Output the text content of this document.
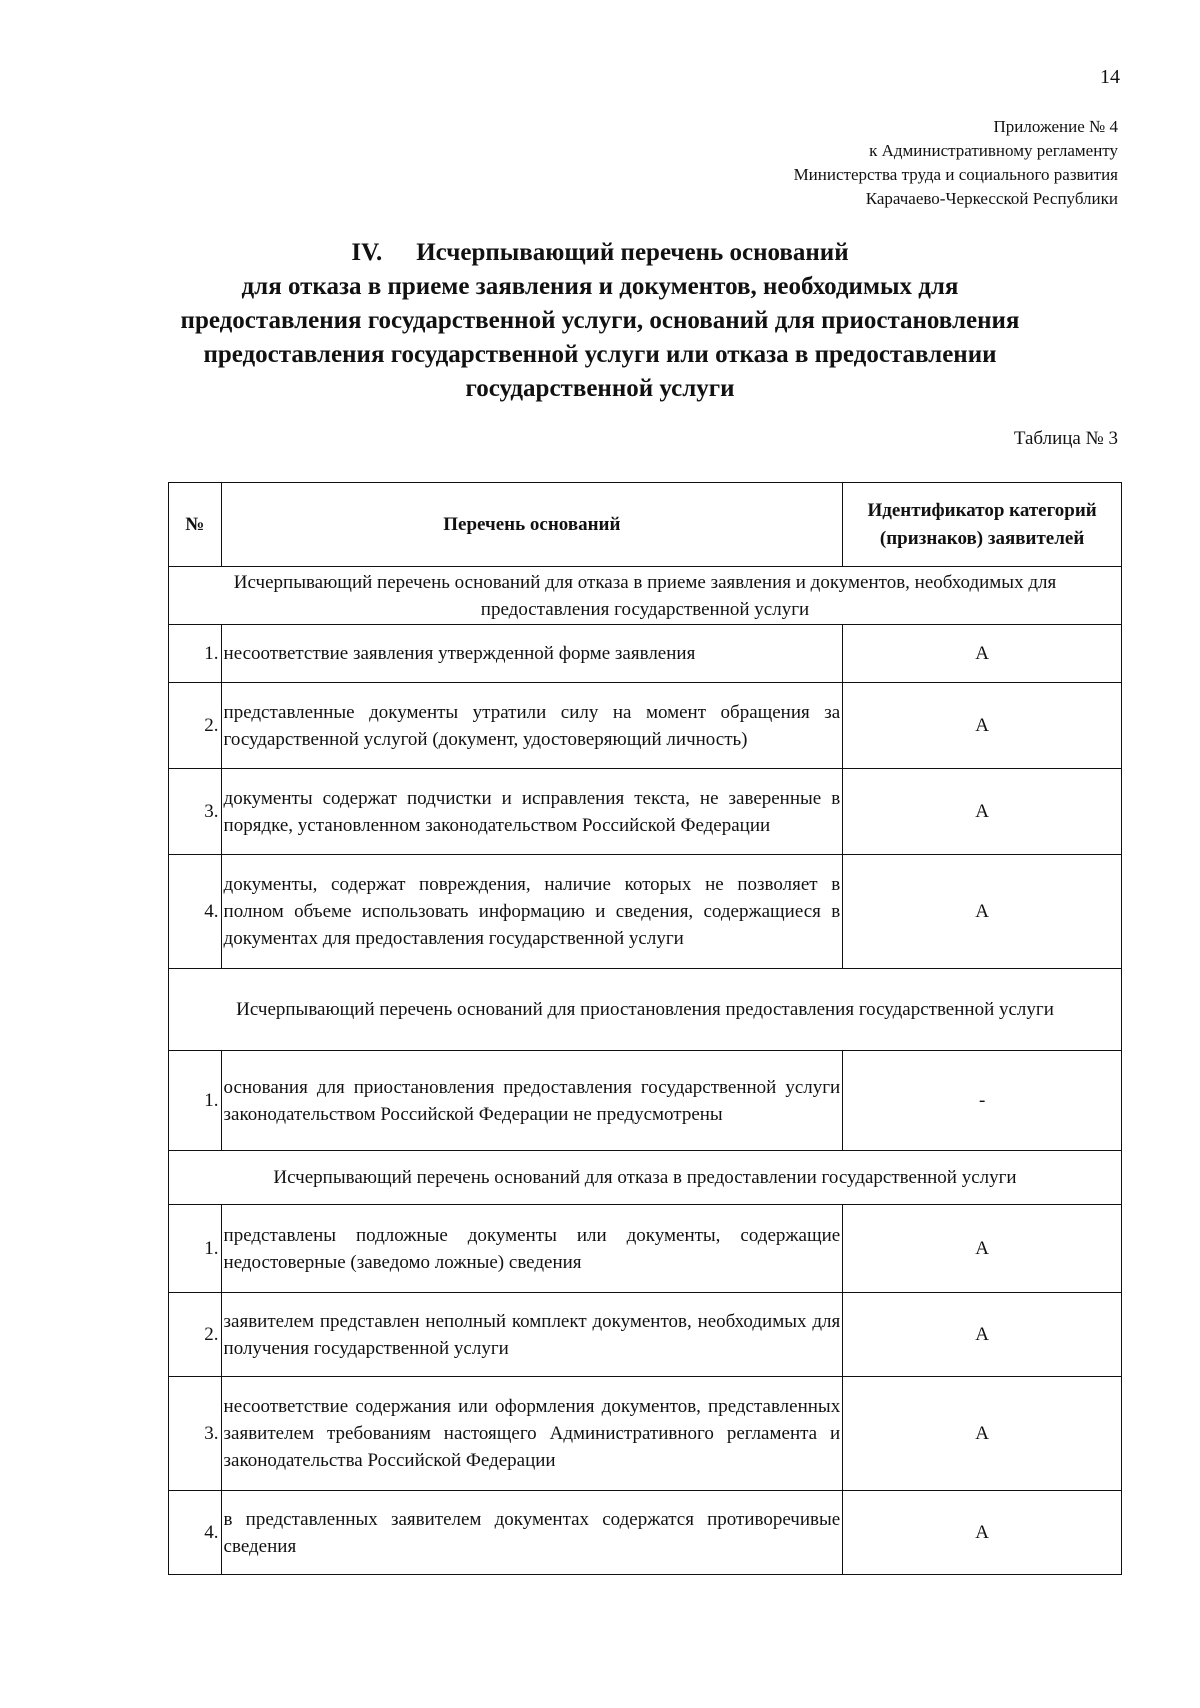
14
Приложение № 4
к Административному регламенту
Министерства труда и социального развития
Карачаево-Черкесской Республики
IV. Исчерпывающий перечень оснований
для отказа в приеме заявления и документов, необходимых для
предоставления государственной услуги, оснований для приостановления
предоставления государственной услуги или отказа в предоставлении
государственной услуги
Таблица № 3
№	Перечень оснований	Идентификатор категорий (признаков) заявителей
Исчерпывающий перечень оснований для отказа в приеме заявления и документов, необходимых для предоставления государственной услуги		
1.	несоответствие заявления утвержденной форме заявления	А
2.	представленные документы утратили силу на момент обращения за государственной услугой (документ, удостоверяющий личность)	А
3.	документы содержат подчистки и исправления текста, не заверенные в порядке, установленном законодательством Российской Федерации	А
4.	документы, содержат повреждения, наличие которых не позволяет в полном объеме использовать информацию и сведения, содержащиеся в документах для предоставления государственной услуги	А
Исчерпывающий перечень оснований для приостановления предоставления государственной услуги		
1.	основания для приостановления предоставления государственной услуги законодательством Российской Федерации не предусмотрены	-
Исчерпывающий перечень оснований для отказа в предоставлении государственной услуги		
1.	представлены подложные документы или документы, содержащие недостоверные (заведомо ложные) сведения	А
2.	заявителем представлен неполный комплект документов, необходимых для получения государственной услуги	А
3.	несоответствие содержания или оформления документов, представленных заявителем требованиям настоящего Административного регламента и законодательства Российской Федерации	А
4.	в представленных заявителем документах содержатся противоречивые сведения	А
